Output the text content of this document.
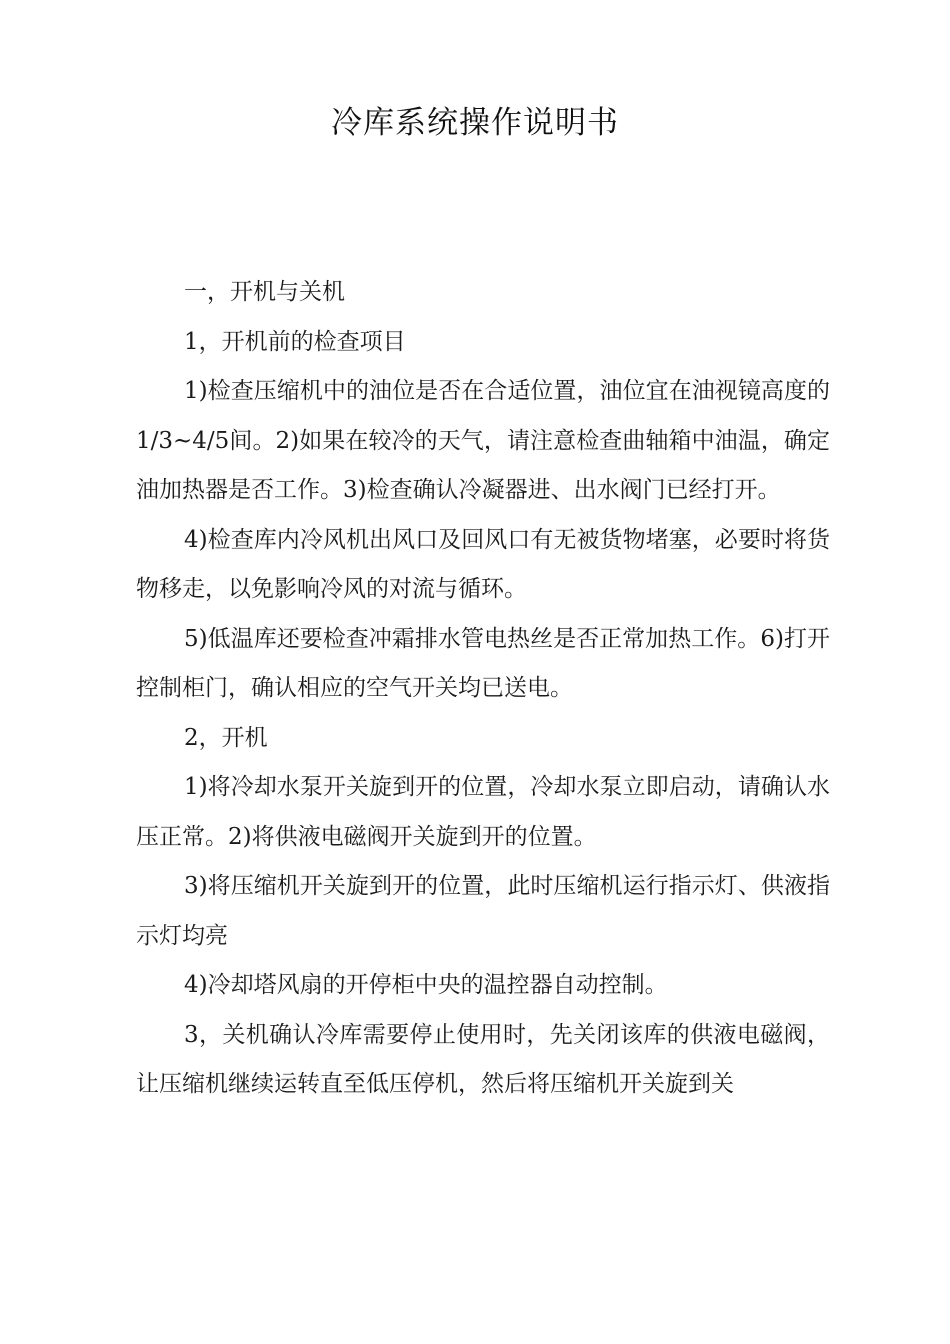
冷库系统操作说明书

一，开机与关机

1，开机前的检查项目

1)检查压缩机中的油位是否在合适位置，油位宜在油视镜高度的1/3~4/5间。2)如果在较冷的天气，请注意检查曲轴箱中油温，确定油加热器是否工作。3)检查确认冷凝器进、出水阀门已经打开。

4)检查库内冷风机出风口及回风口有无被货物堵塞，必要时将货物移走，以免影响冷风的对流与循环。

5)低温库还要检查冲霜排水管电热丝是否正常加热工作。6)打开控制柜门，确认相应的空气开关均已送电。

2，开机

1)将冷却水泵开关旋到开的位置，冷却水泵立即启动，请确认水压正常。2)将供液电磁阀开关旋到开的位置。

3)将压缩机开关旋到开的位置，此时压缩机运行指示灯、供液指示灯均亮

4)冷却塔风扇的开停柜中央的温控器自动控制。

3，关机确认冷库需要停止使用时，先关闭该库的供液电磁阀，让压缩机继续运转直至低压停机，然后将压缩机开关旋到关
